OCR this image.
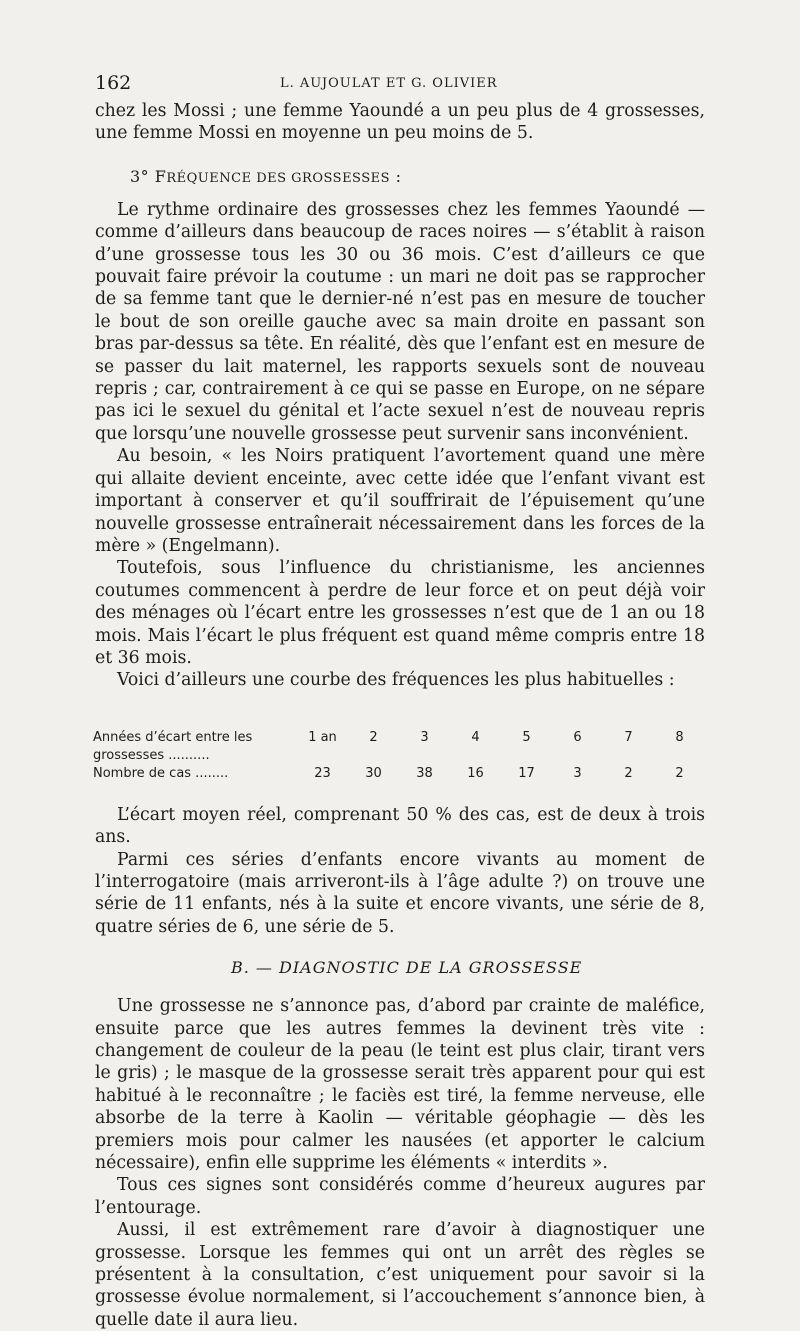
162	L. AUJOULAT ET G. OLIVIER

chez les Mossi ; une femme Yaoundé a un peu plus de 4 grossesses, une femme Mossi en moyenne un peu moins de 5.

3° FRÉQUENCE DES GROSSESSES :

Le rythme ordinaire des grossesses chez les femmes Yaoundé — comme d’ailleurs dans beaucoup de races noires — s’établit à raison d’une grossesse tous les 30 ou 36 mois. C’est d’ailleurs ce que pouvait faire prévoir la coutume : un mari ne doit pas se rapprocher de sa femme tant que le dernier-né n’est pas en mesure de toucher le bout de son oreille gauche avec sa main droite en passant son bras par-dessus sa tête. En réalité, dès que l’enfant est en mesure de se passer du lait maternel, les rapports sexuels sont de nouveau repris ; car, contrairement à ce qui se passe en Europe, on ne sépare pas ici le sexuel du génital et l’acte sexuel n’est de nouveau repris que lorsqu’une nouvelle grossesse peut survenir sans inconvénient.

Au besoin, « les Noirs pratiquent l’avortement quand une mère qui allaite devient enceinte, avec cette idée que l’enfant vivant est important à conserver et qu’il souffrirait de l’épuisement qu’une nouvelle grossesse entraînerait nécessairement dans les forces de la mère » (Engelmann).

Toutefois, sous l’influence du christianisme, les anciennes coutumes commencent à perdre de leur force et on peut déjà voir des ménages où l’écart entre les grossesses n’est que de 1 an ou 18 mois. Mais l’écart le plus fréquent est quand même compris entre 18 et 36 mois.

Voici d’ailleurs une courbe des fréquences les plus habituelles :

Années d’écart entre les	1 an	2	3	4	5	6	7	8
grossesses ..........								
Nombre de cas ........	23	30	38	16	17	3	2	2

L’écart moyen réel, comprenant 50 % des cas, est de deux à trois ans.

Parmi ces séries d’enfants encore vivants au moment de l’interrogatoire (mais arriveront-ils à l’âge adulte ?) on trouve une série de 11 enfants, nés à la suite et encore vivants, une série de 8, quatre séries de 6, une série de 5.

B. — DIAGNOSTIC DE LA GROSSESSE

Une grossesse ne s’annonce pas, d’abord par crainte de maléfice, ensuite parce que les autres femmes la devinent très vite : changement de couleur de la peau (le teint est plus clair, tirant vers le gris) ; le masque de la grossesse serait très apparent pour qui est habitué à le reconnaître ; le faciès est tiré, la femme nerveuse, elle absorbe de la terre à Kaolin — véritable géophagie — dès les premiers mois pour calmer les nausées (et apporter le calcium nécessaire), enfin elle supprime les éléments « interdits ».

Tous ces signes sont considérés comme d’heureux augures par l’entourage.

Aussi, il est extrêmement rare d’avoir à diagnostiquer une grossesse. Lorsque les femmes qui ont un arrêt des règles se présentent à la consultation, c’est uniquement pour savoir si la grossesse évolue normalement, si l’accouchement s’annonce bien, à quelle date il aura lieu.
